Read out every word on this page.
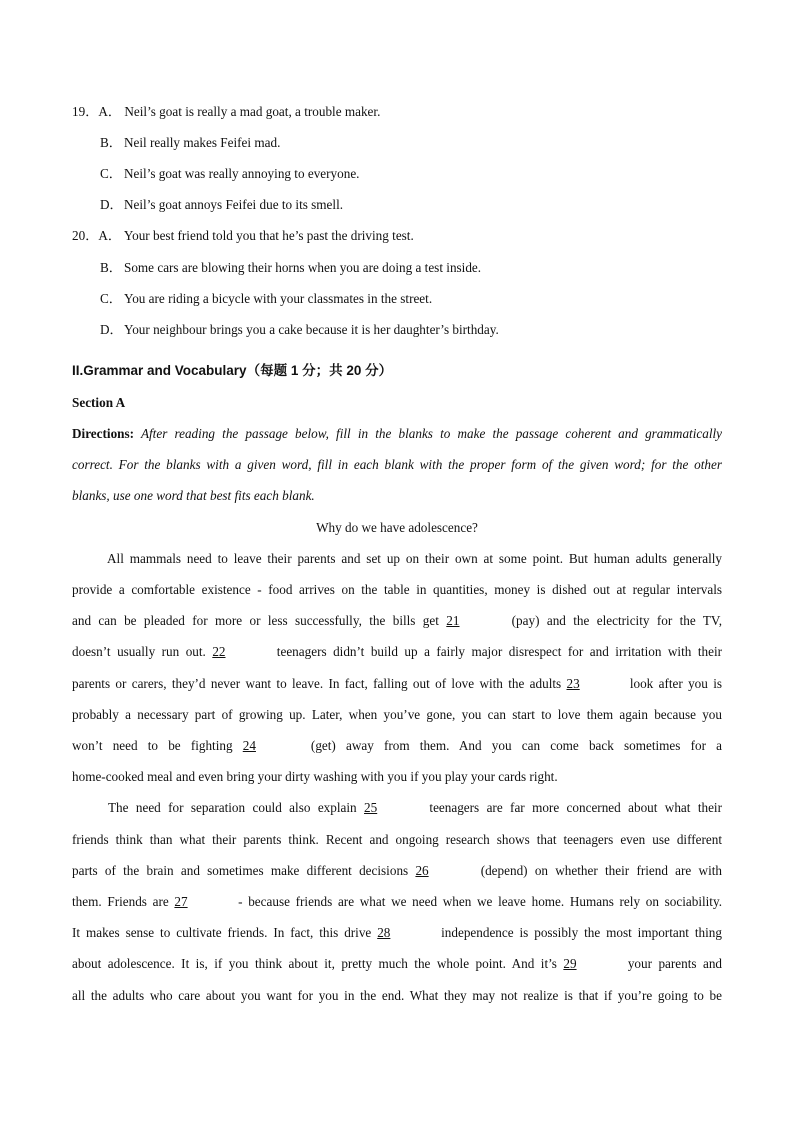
19．A． Neil’s goat is really a mad goat, a trouble maker.
B． Neil really makes Feifei mad.
C． Neil’s goat was really annoying to everyone.
D．Neil’s goat annoys Feifei due to its smell.
20．A． Your best friend told you that he’s past the driving test.
B． Some cars are blowing their horns when you are doing a test inside.
C． You are riding a bicycle with your classmates in the street.
D．Your neighbour brings you a cake because it is her daughter’s birthday.
II.Grammar and Vocabulary（每题 1 分；共 20 分）
Section A
Directions: After reading the passage below, fill in the blanks to make the passage coherent and grammatically
correct. For the blanks with a given word, fill in each blank with the proper form of the given word; for the other
blanks, use one word that best fits each blank.
Why do we have adolescence?
All mammals need to leave their parents and set up on their own at some point. But human adults generally
provide a comfortable existence - food arrives on the table in quantities, money is dished out at regular intervals
and can be pleaded for more or less successfully, the bills get 21	(pay) and the electricity for the TV,
doesn’t usually run out. 22	teenagers didn’t build up a fairly major disrespect for and irritation with their
parents or carers, they’d never want to leave. In fact, falling out of love with the adults 23	look after you is
probably a necessary part of growing up. Later, when you’ve gone, you can start to love them again because you
won’t need to be fighting 24	(get) away from them. And you can come back sometimes for a
home-cooked meal and even bring your dirty washing with you if you play your cards right.
The need for separation could also explain 25	teenagers are far more concerned about what their
friends think than what their parents think. Recent and ongoing research shows that teenagers even use different
parts of the brain and sometimes make different decisions 26	(depend) on whether their friend are with
them. Friends are 27	- because friends are what we need when we leave home. Humans rely on sociability.
It makes sense to cultivate friends. In fact, this drive 28	independence is possibly the most important thing
about adolescence. It is, if you think about it, pretty much the whole point. And it’s 29	your parents and
all the adults who care about you want for you in the end. What they may not realize is that if you’re going to be
